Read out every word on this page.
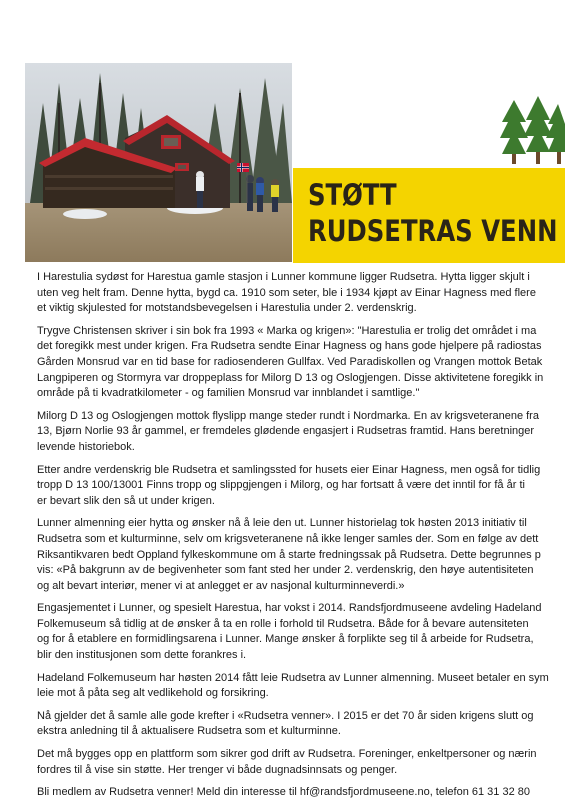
STØTT
RUDSETRAS VENN

I Harestulia sydøst for Harestua gamle stasjon i Lunner kommune ligger Rudsetra. Hytta ligger skjult i
uten veg helt fram. Denne hytta, bygd ca. 1910 som seter, ble i 1934 kjøpt av Einar Hagness med flere
et viktig skjulested for motstandsbevegelsen i Harestulia under 2. verdenskrig.

Trygve Christensen skriver i sin bok fra 1993 « Marka og krigen»: "Harestulia er trolig det området i ma
det foregikk mest under krigen. Fra Rudsetra sendte Einar Hagness og hans gode hjelpere på radiostas
Gården Monsrud var en tid base for radiosenderen Gullfax. Ved Paradiskollen og Vrangen mottok Betak
Langpiperen og Stormyra var droppeplass for Milorg D 13 og Oslogjengen. Disse aktivitetene foregikk in
område på ti kvadratkilometer - og familien Monsrud var innblandet i samtlige."

Milorg D 13 og Oslogjengen mottok flyslipp mange steder rundt i Nordmarka. En av krigsveteranene fra
13, Bjørn Norlie 93 år gammel, er fremdeles glødende engasjert i Rudsetras framtid. Hans beretninger
levende historiebok.

Etter andre verdenskrig ble Rudsetra et samlingssted for husets eier Einar Hagness, men også for tidlig
tropp D 13 100/13001 Finns tropp og slippgjengen i Milorg, og har fortsatt å være det inntil for få år ti
er bevart slik den så ut under krigen.

Lunner almenning eier hytta og ønsker nå å leie den ut. Lunner historielag tok høsten 2013 initiativ til
Rudsetra som et kulturminne, selv om krigsveteranene nå ikke lenger samles der. Som en følge av dett
Riksantikvaren bedt Oppland fylkeskommune om å starte fredningssak på Rudsetra. Dette begrunnes p
vis: «På bakgrunn av de begivenheter som fant sted her under 2. verdenskrig, den høye autentisiteten
og alt bevart interiør, mener vi at anlegget er av nasjonal kulturminneverdi.»

Engasjementet i Lunner, og spesielt Harestua, har vokst i 2014. Randsfjordmuseene avdeling Hadeland
Folkemuseum så tidlig at de ønsker å ta en rolle i forhold til Rudsetra. Både for å bevare autensiteten
og for å etablere en formidlingsarena i Lunner. Mange ønsker å forplikte seg til å arbeide for Rudsetra,
blir den institusjonen som dette forankres i.

Hadeland Folkemuseum har høsten 2014 fått leie Rudsetra av Lunner almenning. Museet betaler en sym
leie mot å påta seg alt vedlikehold og forsikring.

Nå gjelder det å samle alle gode krefter i «Rudsetra venner». I 2015 er det 70 år siden krigens slutt og
ekstra anledning til å aktualisere Rudsetra som et kulturminne.

Det må bygges opp en plattform som sikrer god drift av Rudsetra. Foreninger, enkeltpersoner og nærin
fordres til å vise sin støtte. Her trenger vi både dugnadsinnsats og penger.

Bli medlem av Rudsetra venner! Meld din interesse til hf@randsfjordmuseene.no, telefon 61 31 32 80
